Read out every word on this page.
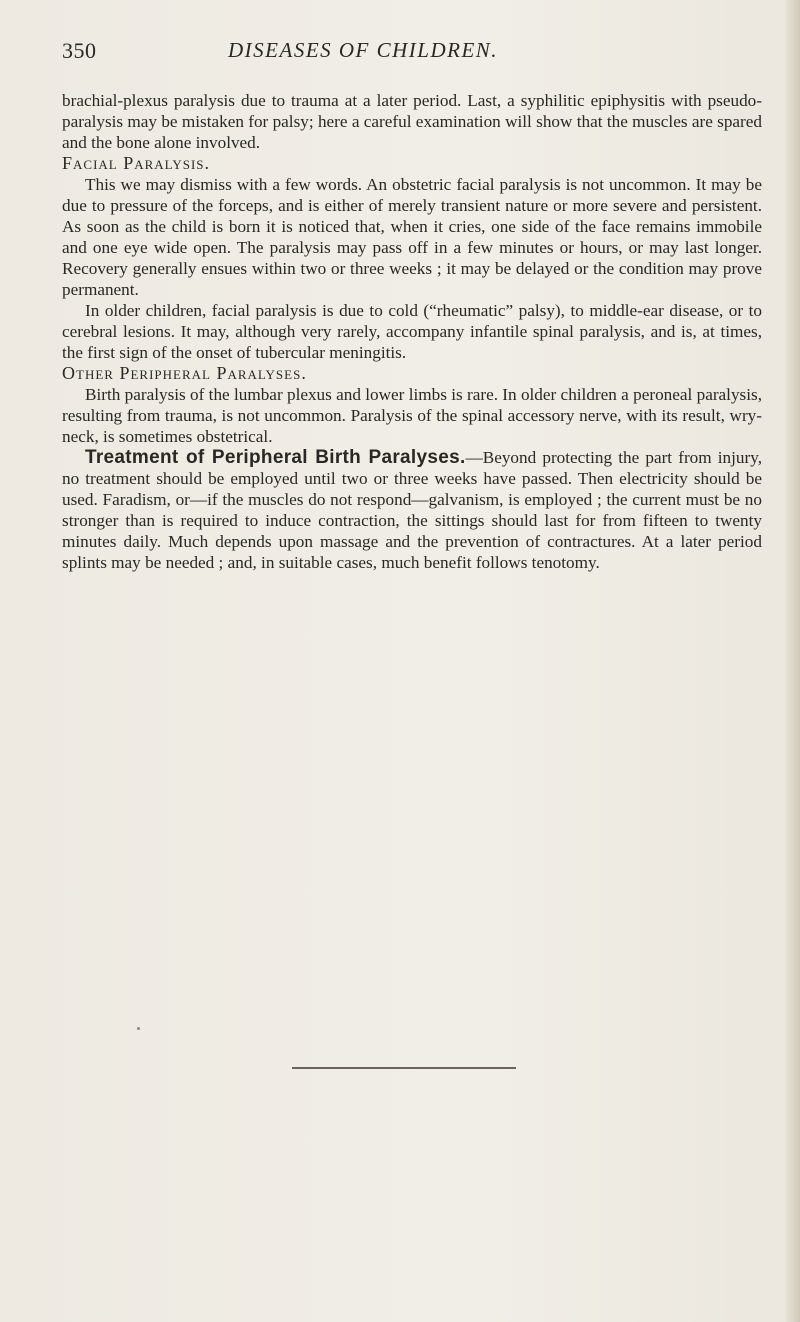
350	DISEASES OF CHILDREN.

brachial-plexus paralysis due to trauma at a later period. Last, a syphilitic epiphysitis with pseudo-paralysis may be mistaken for palsy; here a careful examination will show that the muscles are spared and the bone alone involved.

Facial Paralysis.

This we may dismiss with a few words. An obstetric facial paralysis is not uncommon. It may be due to pressure of the forceps, and is either of merely transient nature or more severe and persistent. As soon as the child is born it is noticed that, when it cries, one side of the face remains immobile and one eye wide open. The paralysis may pass off in a few minutes or hours, or may last longer. Recovery generally ensues within two or three weeks ; it may be delayed or the condition may prove permanent.

In older children, facial paralysis is due to cold (“rheumatic” palsy), to middle-ear disease, or to cerebral lesions. It may, although very rarely, accompany infantile spinal paralysis, and is, at times, the first sign of the onset of tubercular meningitis.

Other Peripheral Paralyses.

Birth paralysis of the lumbar plexus and lower limbs is rare. In older children a peroneal paralysis, resulting from trauma, is not uncommon. Paralysis of the spinal accessory nerve, with its result, wry-neck, is sometimes obstetrical.

Treatment of Peripheral Birth Paralyses.—Beyond protecting the part from injury, no treatment should be employed until two or three weeks have passed. Then electricity should be used. Faradism, or—if the muscles do not respond—galvanism, is employed ; the current must be no stronger than is required to induce contraction, the sittings should last for from fifteen to twenty minutes daily. Much depends upon massage and the prevention of contractures. At a later period splints may be needed ; and, in suitable cases, much benefit follows tenotomy.
